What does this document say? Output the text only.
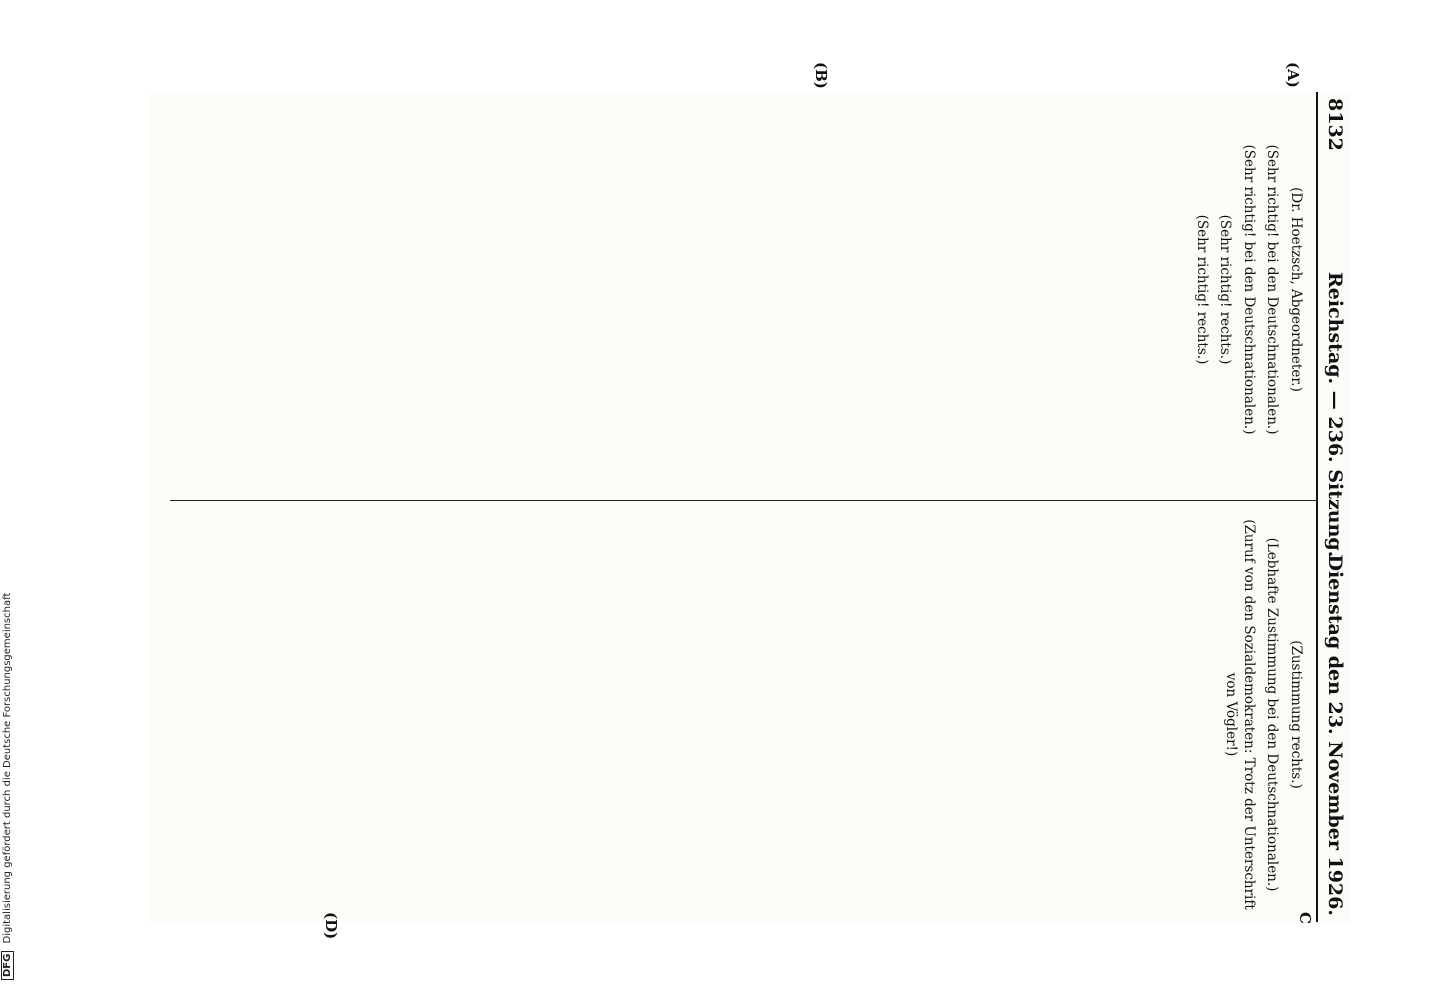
8132
Reichstag. — 236. Sitzung.
Dienstag den 23. November 1926.
(A)
(B)
(D)	C

(Dr. Hoetzsch, Abgeordneter.)

(Sehr richtig! bei den Deutschnationalen.)

(Sehr richtig! bei den Deutschnationalen.)

(Sehr richtig! rechts.)

(Sehr richtig! rechts.)

(Zustimmung rechts.)

(Lebhafte Zustimmung bei den Deutschnationalen.)

(Zuruf von den Sozialdemokraten: Trotz der Unterschrift von Vögler!)

DFG Digitalisierung gefördert durch die Deutsche Forschungsgemeinschaft
